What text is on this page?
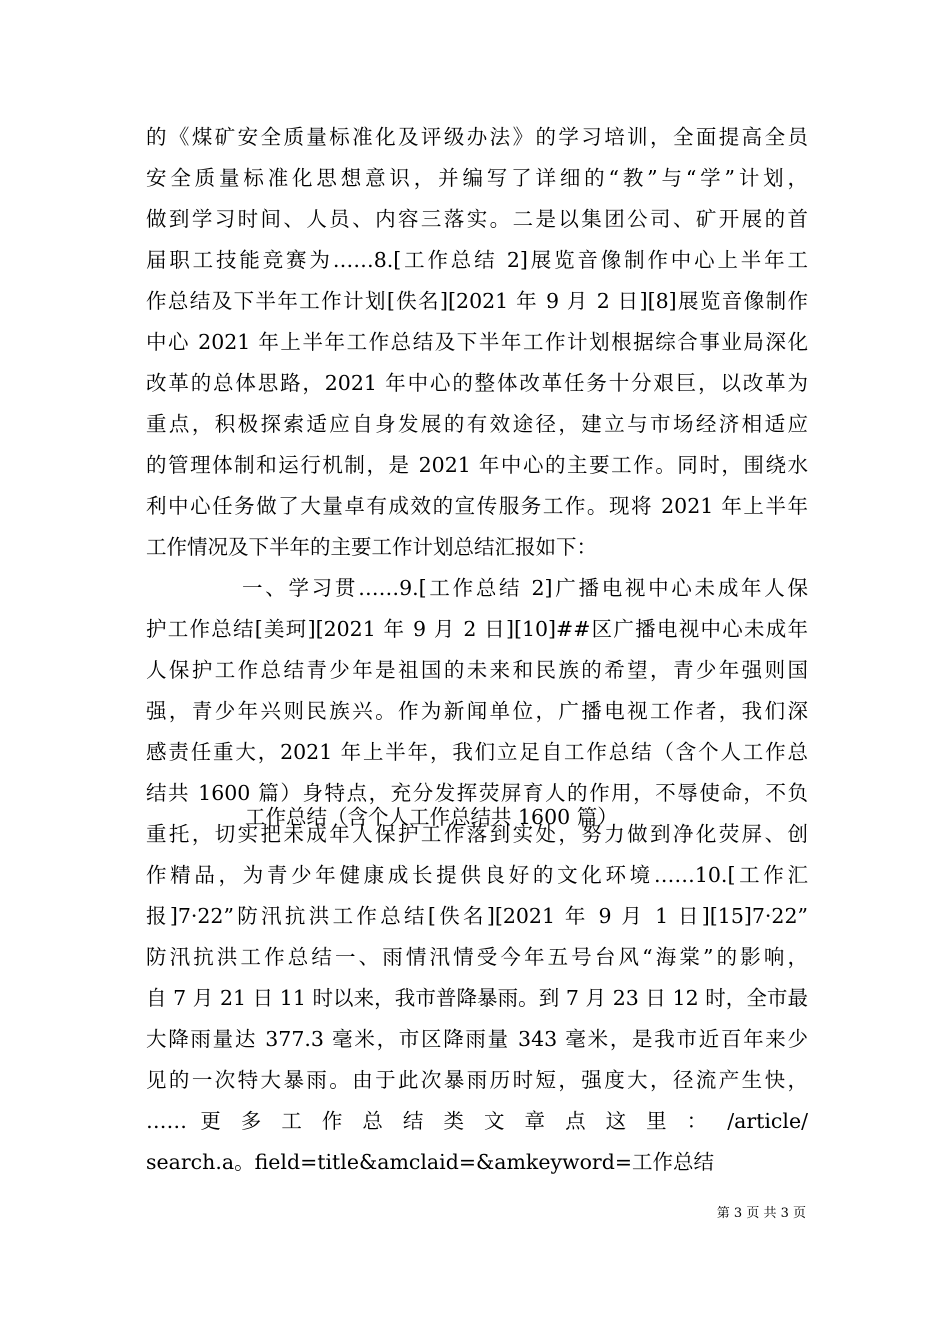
的《煤矿安全质量标准化及评级办法》的学习培训，全面提高全员
安全质量标准化思想意识，并编写了详细的“教”与“学”计划，
做到学习时间、人员、内容三落实。二是以集团公司、矿开展的首
届职工技能竞赛为……8.[工作总结 2]展览音像制作中心上半年工
作总结及下半年工作计划[佚名][2021 年 9 月 2 日][8]展览音像制作
中心 2021 年上半年工作总结及下半年工作计划根据综合事业局深化
改革的总体思路，2021 年中心的整体改革任务十分艰巨，以改革为
重点，积极探索适应自身发展的有效途径，建立与市场经济相适应
的管理体制和运行机制，是 2021 年中心的主要工作。同时，围绕水
利中心任务做了大量卓有成效的宣传服务工作。现将 2021 年上半年
工作情况及下半年的主要工作计划总结汇报如下：
一、学习贯……9.[工作总结 2]广播电视中心未成年人保
护工作总结[美珂][2021 年 9 月 2 日][10]##区广播电视中心未成年
人保护工作总结青少年是祖国的未来和民族的希望，青少年强则国
强，青少年兴则民族兴。作为新闻单位，广播电视工作者，我们深
感责任重大，2021 年上半年，我们立足自工作总结（含个人工作总
结共 1600 篇）身特点，充分发挥荧屏育人的作用，不辱使命，不负
重托，切实把未成年人保护工作落到实处，努力做到净化荧屏、创
作精品，为青少年健康成长提供良好的文化环境……10.[工作汇
报]7·22”防汛抗洪工作总结[佚名][2021 年 9 月 1 日][15]7·22”
防汛抗洪工作总结一、雨情汛情受今年五号台风“海棠”的影响，
自 7 月 21 日 11 时以来，我市普降暴雨。到 7 月 23 日 12 时，全市最
大降雨量达 377.3 毫米，市区降雨量 343 毫米，是我市近百年来少
见的一次特大暴雨。由于此次暴雨历时短，强度大，径流产生快，
…… 更 多 工 作 总 结 类 文 章 点 这 里 ： /article/
search.a。field=title&amclaid=&amkeyword=工作总结
工作总结（含个人工作总结共 1600 篇）
第 3 页 共 3 页
